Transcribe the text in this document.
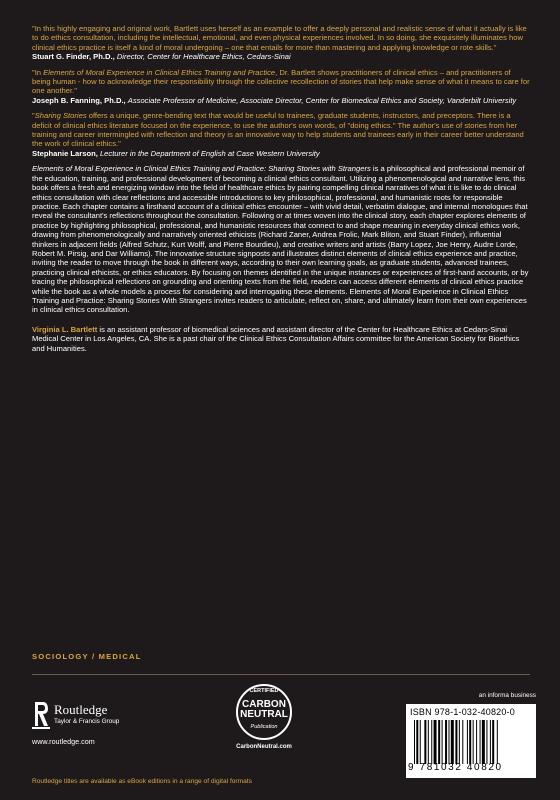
"In this highly engaging and original work, Bartlett uses herself as an example to offer a deeply personal and realistic sense of what it actually is like to do ethics consultation, including the intellectual, emotional, and even physical experiences involved. In so doing, she exquisitely illuminates how clinical ethics practice is itself a kind of moral undergoing – one that entails for more than mastering and applying knowledge or rote skills."

Stuart G. Finder, Ph.D., Director, Center for Healthcare Ethics, Cedars-Sinai

"In Elements of Moral Experience in Clinical Ethics Training and Practice, Dr. Bartlett shows practitioners of clinical ethics – and practitioners of being human - how to acknowledge their responsibility through the collective recollection of stories that help make sense of what it means to care for one another."

Joseph B. Fanning, Ph.D., Associate Professor of Medicine, Associate Director, Center for Biomedical Ethics and Society, Vanderbilt University

"Sharing Stories offers a unique, genre-bending text that would be useful to trainees, graduate students, instructors, and preceptors. There is a deficit of clinical ethics literature focused on the experience, to use the author's own words, of "doing ethics." The author's use of stories from her training and career intermingled with reflection and theory is an innovative way to help students and trainees early in their career better understand the work of clinical ethics."

Stephanie Larson, Lecturer in the Department of English at Case Western University

Elements of Moral Experience in Clinical Ethics Training and Practice: Sharing Stories with Strangers is a philosophical and professional memoir of the education, training, and professional development of becoming a clinical ethics consultant. Utilizing a phenomenological and narrative lens, this book offers a fresh and energizing window into the field of healthcare ethics by pairing compelling clinical narratives of what it is like to do clinical ethics consultation with clear reflections and accessible introductions to key philosophical, professional, and humanistic roots for responsible practice. Each chapter contains a firsthand account of a clinical ethics encounter – with vivid detail, verbatim dialogue, and internal monologues that reveal the consultant's reflections throughout the consultation. Following or at times woven into the clinical story, each chapter explores elements of practice by highlighting philosophical, professional, and humanistic resources that connect to and shape meaning in everyday clinical ethics work, drawing from phenomenologically and narratively oriented ethicists (Richard Zaner, Andrea Frolic, Mark Bliton, and Stuart Finder), influential thinkers in adjacent fields (Alfred Schutz, Kurt Wolff, and Pierre Bourdieu), and creative writers and artists (Barry Lopez, Joe Henry, Audre Lorde, Robert M. Pirsig, and Dar Williams). The innovative structure signposts and illustrates distinct elements of clinical ethics experience and practice, inviting the reader to move through the book in different ways, according to their own learning goals, as graduate students, advanced trainees, practicing clinical ethicists, or ethics educators. By focusing on themes identified in the unique instances or experiences of first-hand accounts, or by tracing the philosophical reflections on grounding and orienting texts from the field, readers can access different elements of clinical ethics practice while the book as a whole models a process for considering and interrogating these elements. Elements of Moral Experience in Clinical Ethics Training and Practice: Sharing Stories With Strangers invites readers to articulate, reflect on, share, and ultimately learn from their own experiences in clinical ethics consultation.

Virginia L. Bartlett is an assistant professor of biomedical sciences and assistant director of the Center for Healthcare Ethics at Cedars-Sinai Medical Center in Los Angeles, CA. She is a past chair of the Clinical Ethics Consultation Affairs committee for the American Society for Bioethics and Humanities.

SOCIOLOGY / MEDICAL
Routledge
Taylor & Francis Group
www.routledge.com
CERTIFIED
CARBON
NEUTRAL
Publication
CarbonNeutral.com
an informa business
ISBN 978-1-032-40820-0
9 781032 40820
Routledge titles are available as eBook editions in a range of digital formats
